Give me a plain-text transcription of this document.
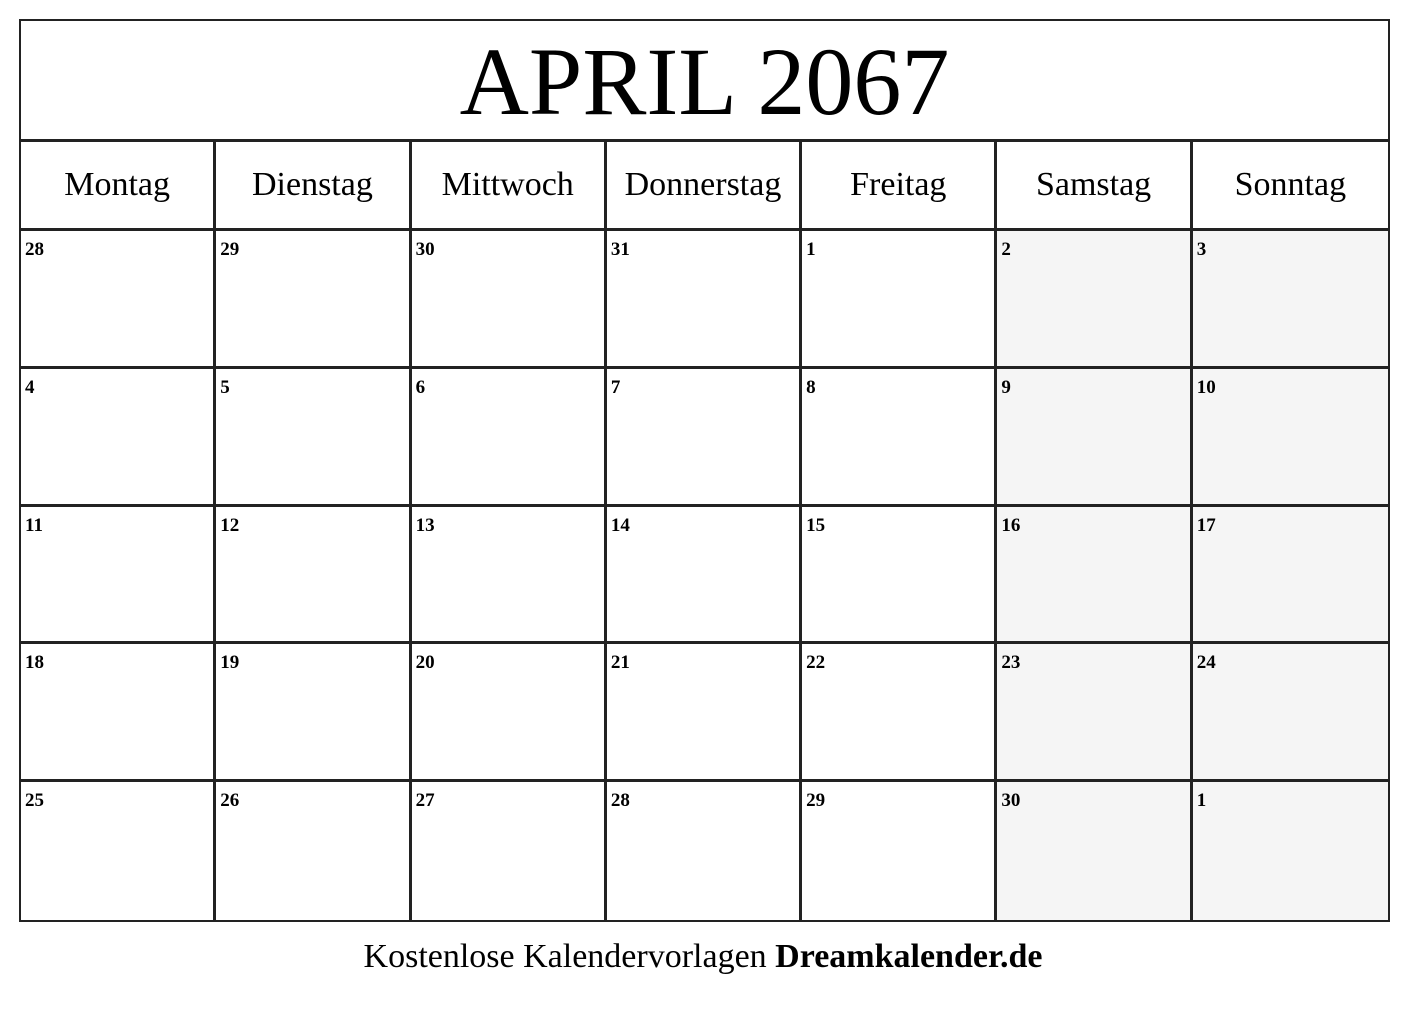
APRIL 2067
Montag	Dienstag	Mittwoch	Donnerstag	Freitag	Samstag	Sonntag
28	29	30	31	1	2	3
4	5	6	7	8	9	10
11	12	13	14	15	16	17
18	19	20	21	22	23	24
25	26	27	28	29	30	1
Kostenlose Kalendervorlagen Dreamkalender.de
